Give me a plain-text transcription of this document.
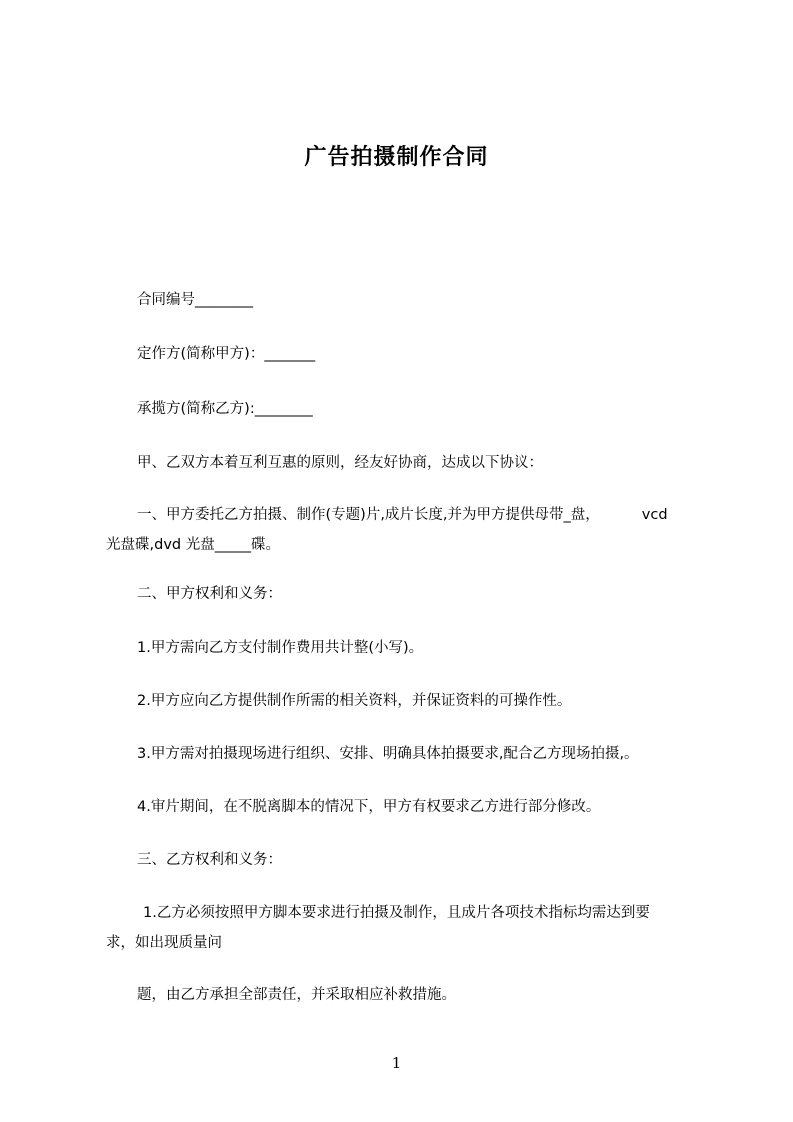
广告拍摄制作合同
合同编号________
定作方(简称甲方)：_______
承揽方(简称乙方):________
甲、乙双方本着互利互惠的原则，经友好协商，达成以下协议：
一、甲方委托乙方拍摄、制作(专题)片,成片长度,并为甲方提供母带_盘，	vcd
光盘碟,dvd 光盘_____碟。
二、甲方权利和义务：
1.甲方需向乙方支付制作费用共计整(小写)。
2.甲方应向乙方提供制作所需的相关资料，并保证资料的可操作性。
3.甲方需对拍摄现场进行组织、安排、明确具体拍摄要求,配合乙方现场拍摄,。
4.审片期间，在不脱离脚本的情况下，甲方有权要求乙方进行部分修改。
三、乙方权利和义务：
1.乙方必须按照甲方脚本要求进行拍摄及制作，且成片各项技术指标均需达到要
求，如出现质量问
题，由乙方承担全部责任，并采取相应补救措施。
1
